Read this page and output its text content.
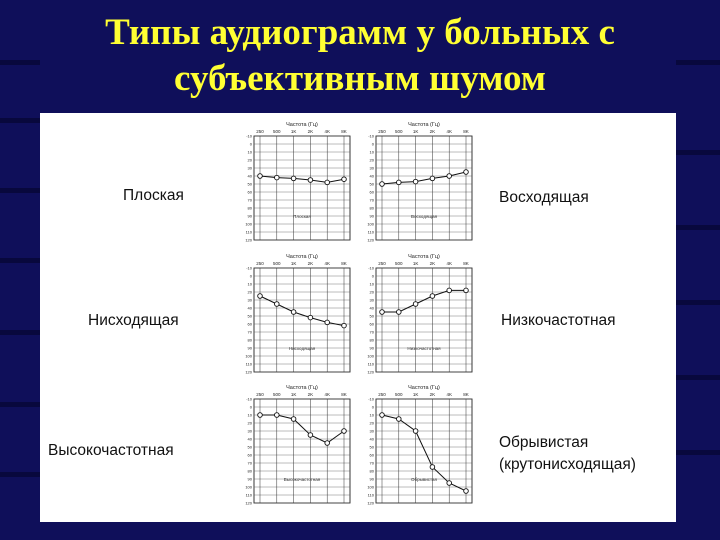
Типы аудиограмм у больных с
субъективным шумом
Плоская	Восходящая
Нисходящая	Низкочастотная
Высокочастотная	Обрывистая (крутонисходящая)
Частота (Гц)
250 500 1K	2K	4K	8K
-10
0
10
20
30
40
50
60
70
80
90
100
110
120
Плоская
Частота (Гц)
250 500 1K	2K	4K	8K
-10
0
10
20
30
40
50
60
70
80
90
100
110
120
Восходящая
Частота (Гц)
250 500 1K	2K	4K	8K
-10
0
10
20
30
40
50
60
70
80
90
100
110
120
Нисходящая
Частота (Гц)
250 500 1K	2K	4K	8K
-10
0
10
20
30
40
50
60
70
80
90
100
110
120
Низкочастотная
Частота (Гц)
250 500 1K	2K	4K	8K
-10
0
10
20
30
40
50
60
70
80
90
100
110
120
Высокочастотная
Частота (Гц)
250 500 1K	2K	4K	8K
-10
0
10
20
30
40
50
60
70
80
90
100
110
120
Обрывистая
